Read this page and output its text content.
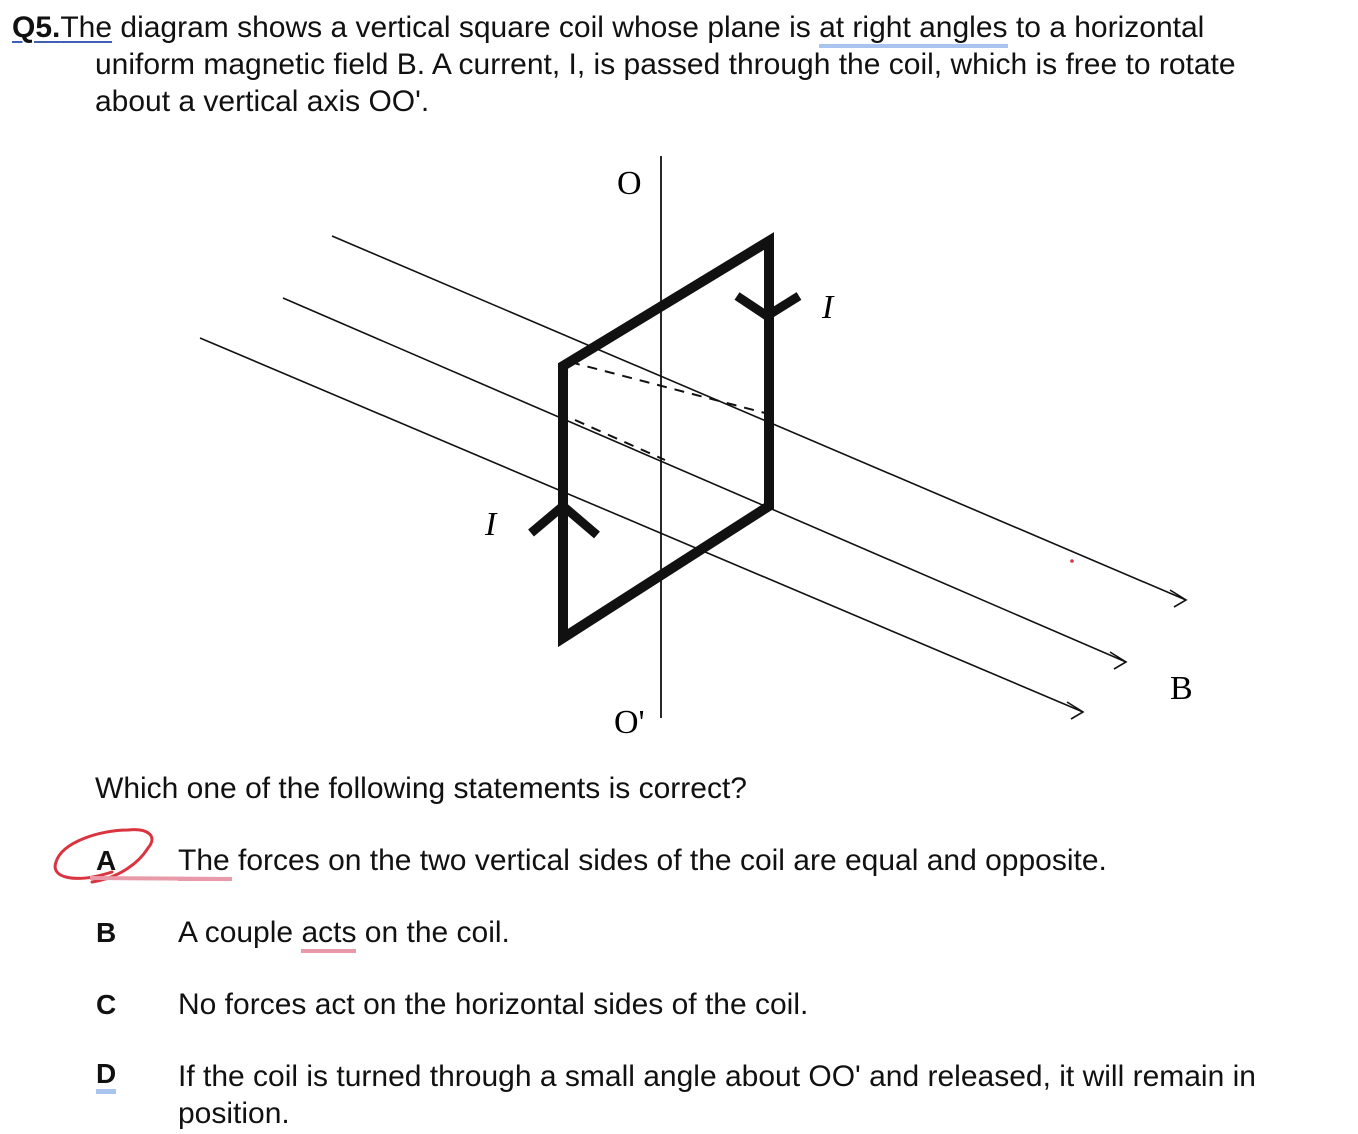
Q5.The diagram shows a vertical square coil whose plane is at right angles to a horizontal
uniform magnetic field B. A current, I, is passed through the coil, which is free to rotate
about a vertical axis OO'.
O
O'
I
I
B
Which one of the following statements is correct?
A The forces on the two vertical sides of the coil are equal and opposite.
B A couple acts on the coil.
C No forces act on the horizontal sides of the coil.
D If the coil is turned through a small angle about OO' and released, it will remain in
position.
